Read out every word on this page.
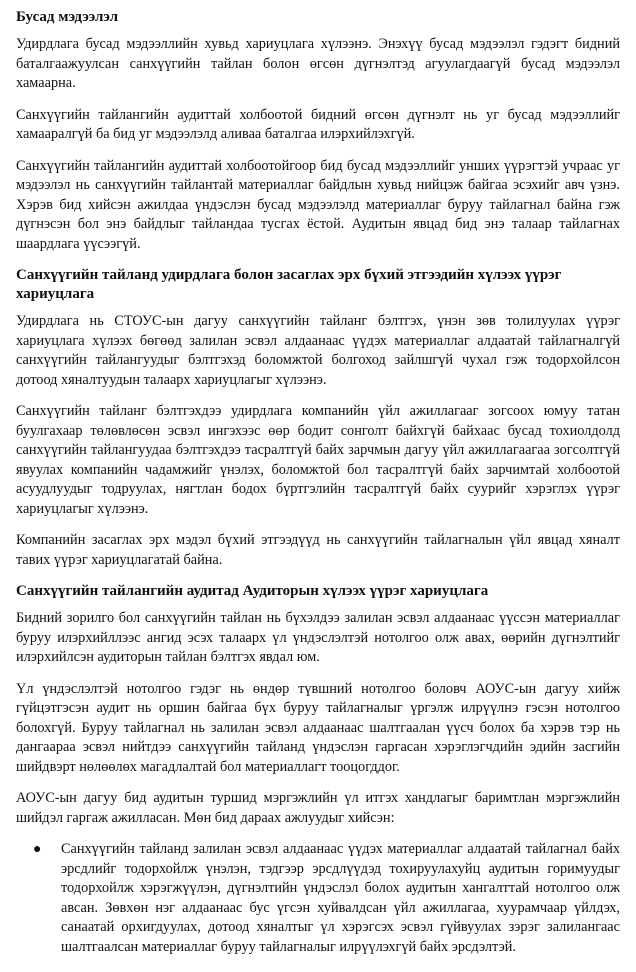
Бусад мэдээлэл

Удирдлага бусад мэдээллийн хувьд хариуцлага хүлээнэ. Энэхүү бусад мэдээлэл гэдэгт бидний баталгаажуулсан санхүүгийн тайлан болон өгсөн дүгнэлтэд агуулагдаагүй бусад мэдээлэл хамаарна.

Санхүүгийн тайлангийн аудиттай холбоотой бидний өгсөн дүгнэлт нь уг бусад мэдээллийг хамааралгүй ба бид уг мэдээлэлд аливаа баталгаа илэрхийлэхгүй.

Санхүүгийн тайлангийн аудиттай холбоотойгоор бид бусад мэдээллийг унших үүрэгтэй учраас уг мэдээлэл нь санхүүгийн тайлантай материаллаг байдлын хувьд нийцэж байгаа эсэхийг авч үзнэ. Хэрэв бид хийсэн ажилдаа үндэслэн бусад мэдээлэлд материаллаг буруу тайлагнал байна гэж дүгнэсэн бол энэ байдлыг тайландаа тусгах ёстой. Аудитын явцад бид энэ талаар тайлагнах шаардлага үүсээгүй.

Санхүүгийн тайланд удирдлага болон засаглах эрх бүхий этгээдийн хүлээх үүрэг хариуцлага

Удирдлага нь СТОУС-ын дагуу санхүүгийн тайланг бэлтгэх, үнэн зөв толилуулах үүрэг хариуцлага хүлээх бөгөөд залилан эсвэл алдаанаас үүдэх материаллаг алдаатай тайлагналгүй санхүүгийн тайлангуудыг бэлтгэхэд боломжтой болгоход зайлшгүй чухал гэж тодорхойлсон дотоод хяналтуудын талаарх хариуцлагыг хүлээнэ.

Санхүүгийн тайланг бэлтгэхдээ удирдлага компанийн үйл ажиллагааг зогсоох юмуу татан буулгахаар төлөвлөсөн эсвэл ингэхээс өөр бодит сонголт байхгүй байхаас бусад тохиолдолд санхүүгийн тайлангуудаа бэлтгэхдээ тасралтгүй байх зарчмын дагуу үйл ажиллагаагаа зогсолтгүй явуулах компанийн чадамжийг үнэлэх, боломжтой бол тасралтгүй байх зарчимтай холбоотой асуудлуудыг тодруулах, нягтлан бодох бүртгэлийн тасралтгүй байх суурийг хэрэглэх үүрэг хариуцлагыг хүлээнэ.

Компанийн засаглах эрх мэдэл бүхий этгээдүүд нь санхүүгийн тайлагналын үйл явцад хяналт тавих үүрэг хариуцлагатай байна.

Санхүүгийн тайлангийн аудитад Аудиторын хүлээх үүрэг хариуцлага

Бидний зорилго бол санхүүгийн тайлан нь бүхэлдээ залилан эсвэл алдаанаас үүссэн материаллаг буруу илэрхийллээс ангид эсэх талаарх үл үндэслэлтэй нотолгоо олж авах, өөрийн дүгнэлтийг илэрхийлсэн аудиторын тайлан бэлтгэх явдал юм.

Үл үндэслэлтэй нотолгоо гэдэг нь өндөр түвшний нотолгоо боловч АОУС-ын дагуу хийж гүйцэтгэсэн аудит нь оршин байгаа бүх буруу тайлагналыг үргэлж илрүүлнэ гэсэн нотолгоо болохгүй. Буруу тайлагнал нь залилан эсвэл алдаанаас шалтгаалан үүсч болох ба хэрэв тэр нь дангаараа эсвэл нийтдээ санхүүгийн тайланд үндэслэн гаргасан хэрэглэгчдийн эдийн засгийн шийдвэрт нөлөөлөх магадлалтай бол материаллагт тооцогддог.

АОУС-ын дагуу бид аудитын туршид мэргэжлийн үл итгэх хандлагыг баримтлан мэргэжлийн шийдэл гаргаж ажилласан. Мөн бид дараах ажлуудыг хийсэн:

● Санхүүгийн тайланд залилан эсвэл алдаанаас үүдэх материаллаг алдаатай тайлагнал байх эрсдлийг тодорхойлж үнэлэн, тэдгээр эрсдлүүдэд тохируулахуйц аудитын горимуудыг тодорхойлж хэрэгжүүлэн, дүгнэлтийн үндэслэл болох аудитын хангалттай нотолгоо олж авсан. Зөвхөн нэг алдаанаас бус үгсэн хуйвалдсан үйл ажиллагаа, хуурамчаар үйлдэх, санаатай орхигдуулах, дотоод хяналтыг үл хэрэгсэх эсвэл гүйвуулах зэрэг залилангаас шалтгаалсан материаллаг буруу тайлагналыг илрүүлэхгүй байх эрсдэлтэй.
